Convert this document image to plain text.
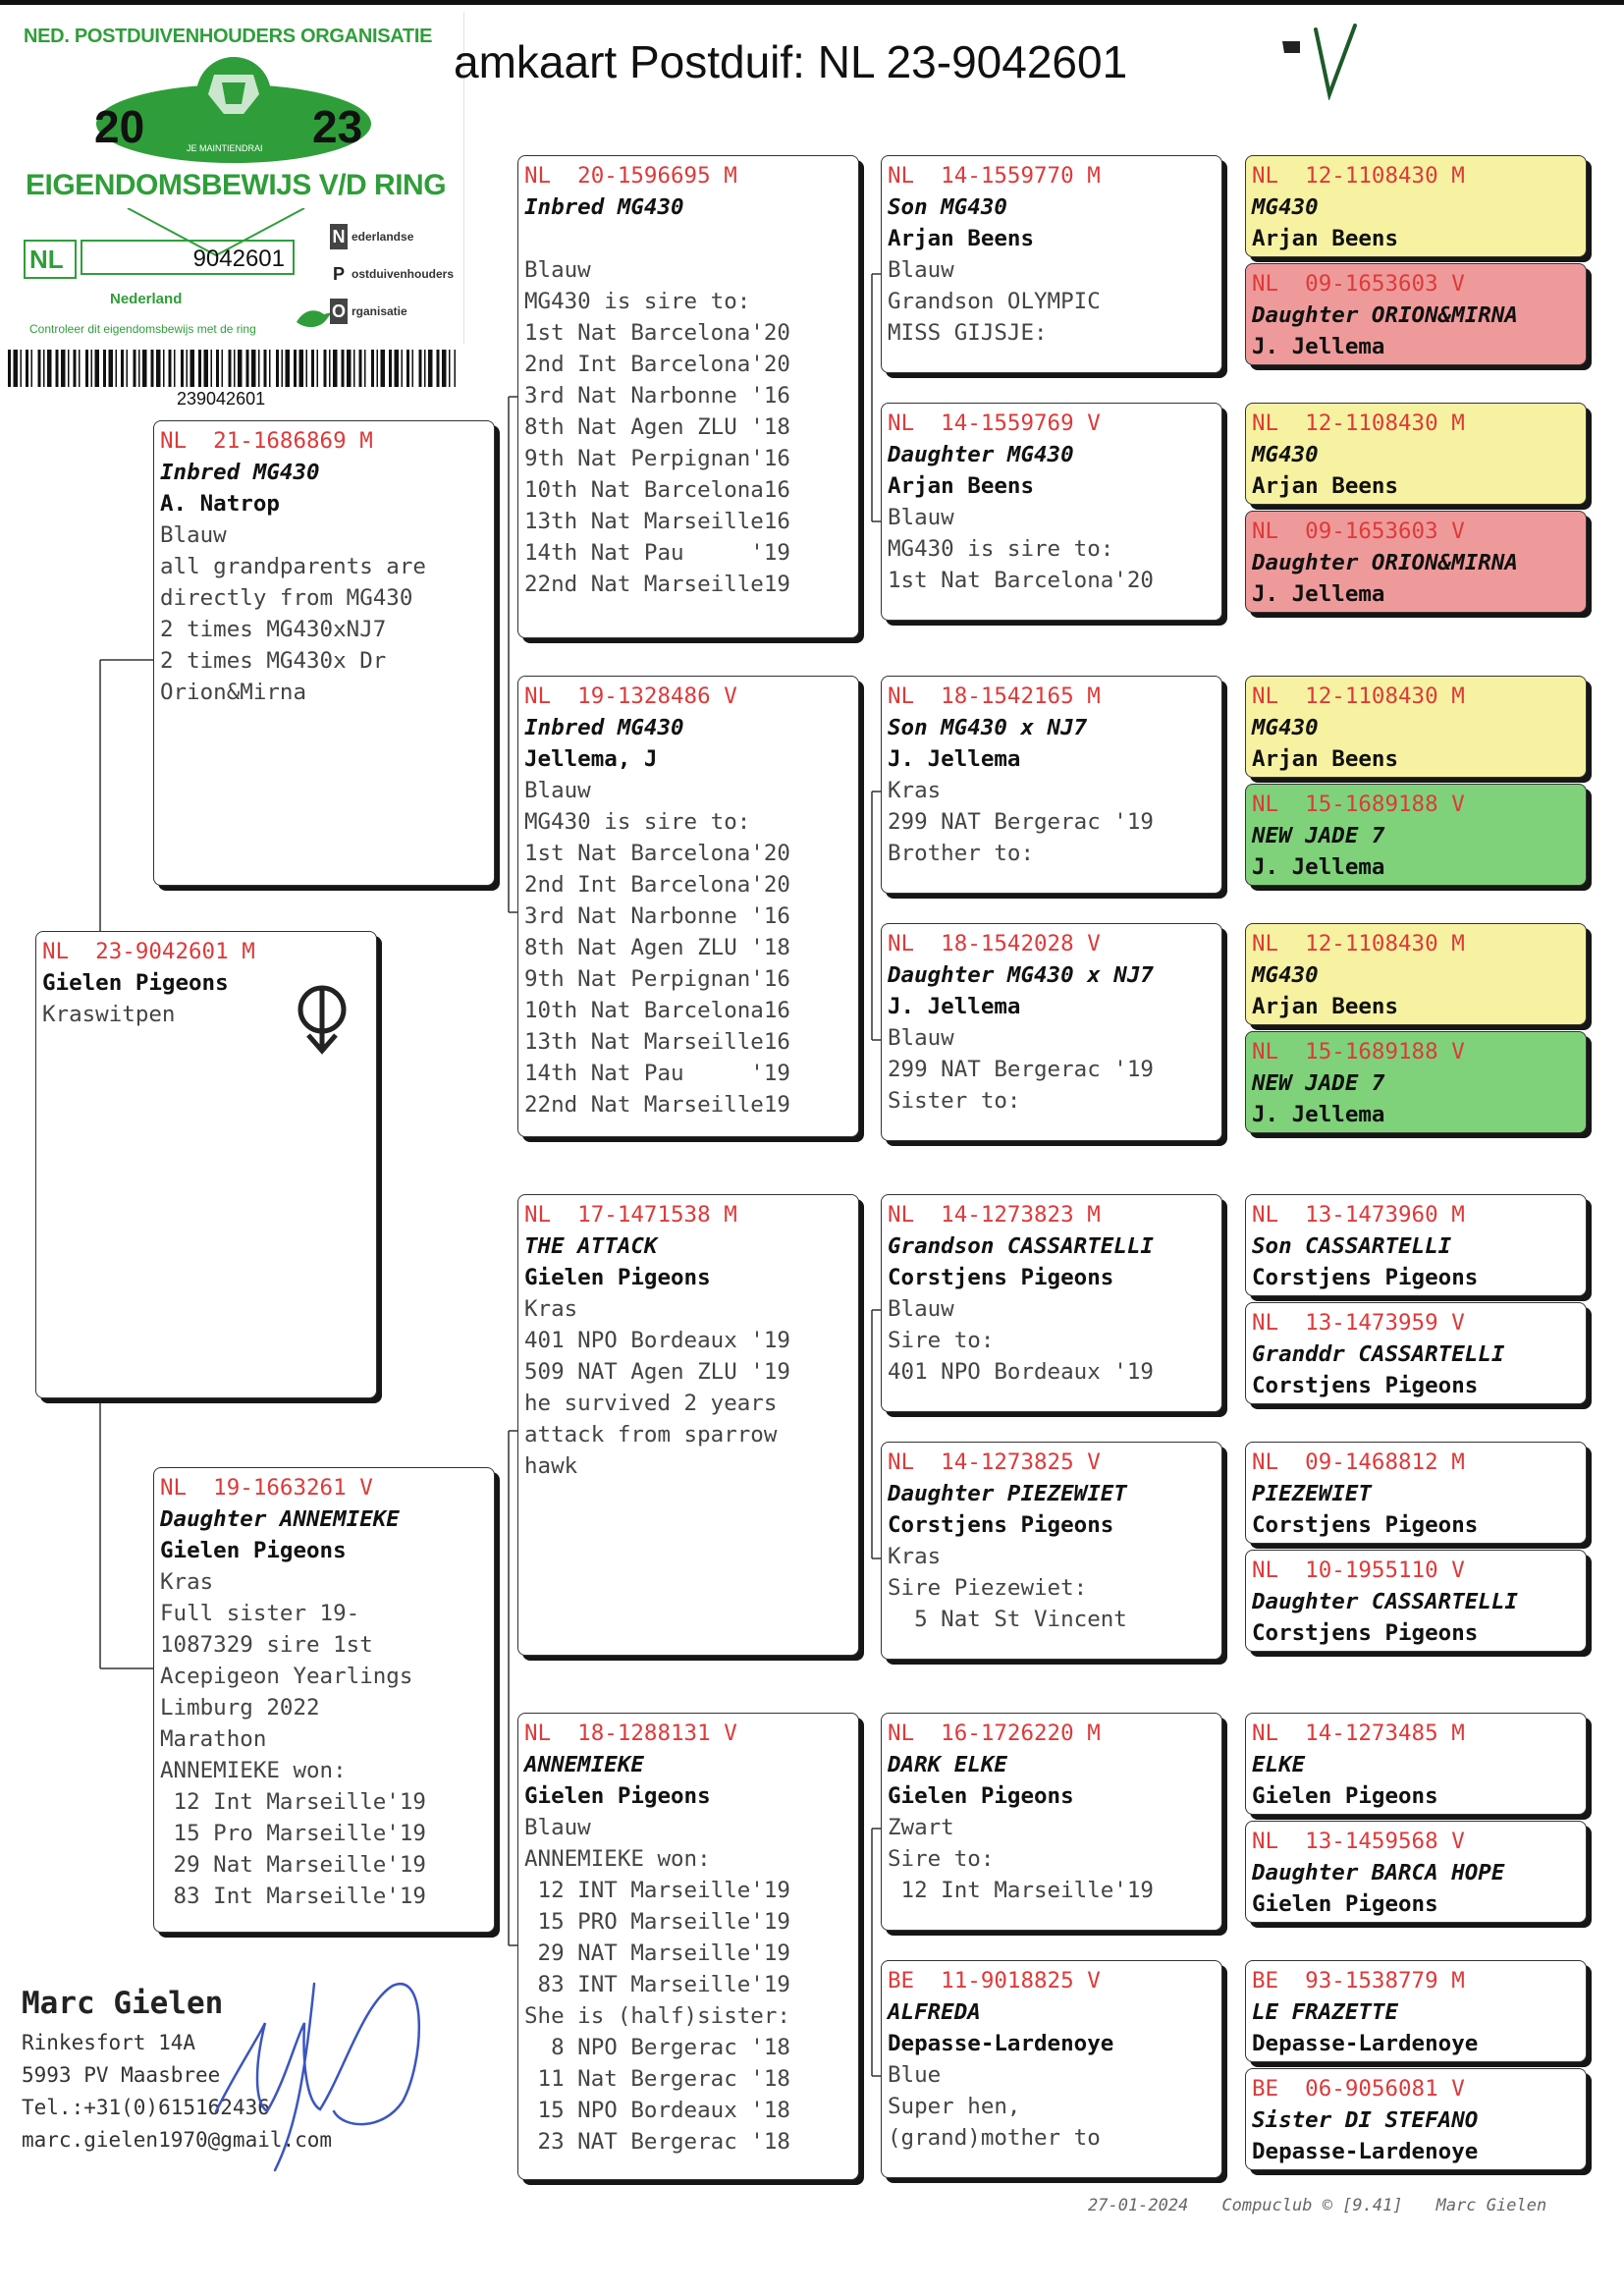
NED. POSTDUIVENHOUDERS ORGANISATIE
20	23
JE MAINTIENDRAI
EIGENDOMSBEWIJS V/D RING
NL	9042601
Nederland
Controleer dit eigendomsbewijs met de ring
N ederlandse
P ostduivenhouders
O rganisatie
239042601
amkaart Postduif: NL 23-9042601
NL  23-9042601 M
Gielen Pigeons
Kraswitpen
NL  21-1686869 M
Inbred MG430
A. Natrop
Blauw
all grandparents are
directly from MG430
2 times MG430xNJ7
2 times MG430x Dr
Orion&Mirna
NL  19-1663261 V
Daughter ANNEMIEKE
Gielen Pigeons
Kras
Full sister 19-
1087329 sire 1st
Acepigeon Yearlings
Limburg 2022
Marathon
ANNEMIEKE won:
12 Int Marseille'19
15 Pro Marseille'19
29 Nat Marseille'19
83 Int Marseille'19
NL  20-1596695 M
Inbred MG430
Blauw
MG430 is sire to:
1st Nat Barcelona'20
2nd Int Barcelona'20
3rd Nat Narbonne '16
8th Nat Agen ZLU '18
9th Nat Perpignan'16
10th Nat Barcelona16
13th Nat Marseille16
14th Nat Pau     '19
22nd Nat Marseille19
NL  19-1328486 V
Inbred MG430
Jellema, J
Blauw
MG430 is sire to:
1st Nat Barcelona'20
2nd Int Barcelona'20
3rd Nat Narbonne '16
8th Nat Agen ZLU '18
9th Nat Perpignan'16
10th Nat Barcelona16
13th Nat Marseille16
14th Nat Pau     '19
22nd Nat Marseille19
NL  17-1471538 M
THE ATTACK
Gielen Pigeons
Kras
401 NPO Bordeaux '19
509 NAT Agen ZLU '19
he survived 2 years
attack from sparrow
hawk
NL  18-1288131 V
ANNEMIEKE
Gielen Pigeons
Blauw
ANNEMIEKE won:
12 INT Marseille'19
15 PRO Marseille'19
29 NAT Marseille'19
83 INT Marseille'19
She is (half)sister:
8 NPO Bergerac '18
11 Nat Bergerac '18
15 NPO Bordeaux '18
23 NAT Bergerac '18
NL  14-1559770 M
Son MG430
Arjan Beens
Blauw
Grandson OLYMPIC
MISS GIJSJE:
NL  14-1559769 V
Daughter MG430
Arjan Beens
Blauw
MG430 is sire to:
1st Nat Barcelona'20
NL  18-1542165 M
Son MG430 x NJ7
J. Jellema
Kras
299 NAT Bergerac '19
Brother to:
NL  18-1542028 V
Daughter MG430 x NJ7
J. Jellema
Blauw
299 NAT Bergerac '19
Sister to:
NL  14-1273823 M
Grandson CASSARTELLI
Corstjens Pigeons
Blauw
Sire to:
401 NPO Bordeaux '19
NL  14-1273825 V
Daughter PIEZEWIET
Corstjens Pigeons
Kras
Sire Piezewiet:
5 Nat St Vincent
NL  16-1726220 M
DARK ELKE
Gielen Pigeons
Zwart
Sire to:
12 Int Marseille'19
BE  11-9018825 V
ALFREDA
Depasse-Lardenoye
Blue
Super hen,
(grand)mother to
NL  12-1108430 M
MG430
Arjan Beens
NL  09-1653603 V
Daughter ORION&MIRNA
J. Jellema
NL  12-1108430 M
MG430
Arjan Beens
NL  09-1653603 V
Daughter ORION&MIRNA
J. Jellema
NL  12-1108430 M
MG430
Arjan Beens
NL  15-1689188 V
NEW JADE 7
J. Jellema
NL  12-1108430 M
MG430
Arjan Beens
NL  15-1689188 V
NEW JADE 7
J. Jellema
NL  13-1473960 M
Son CASSARTELLI
Corstjens Pigeons
NL  13-1473959 V
Granddr CASSARTELLI
Corstjens Pigeons
NL  09-1468812 M
PIEZEWIET
Corstjens Pigeons
NL  10-1955110 V
Daughter CASSARTELLI
Corstjens Pigeons
NL  14-1273485 M
ELKE
Gielen Pigeons
NL  13-1459568 V
Daughter BARCA HOPE
Gielen Pigeons
BE  93-1538779 M
LE FRAZETTE
Depasse-Lardenoye
BE  06-9056081 V
Sister DI STEFANO
Depasse-Lardenoye
Marc Gielen
Rinkesfort 14A
5993 PV Maasbree
Tel.:+31(0)615162436
marc.gielen1970@gmail.com
27-01-2024 Compuclub © [9.41] Marc Gielen
